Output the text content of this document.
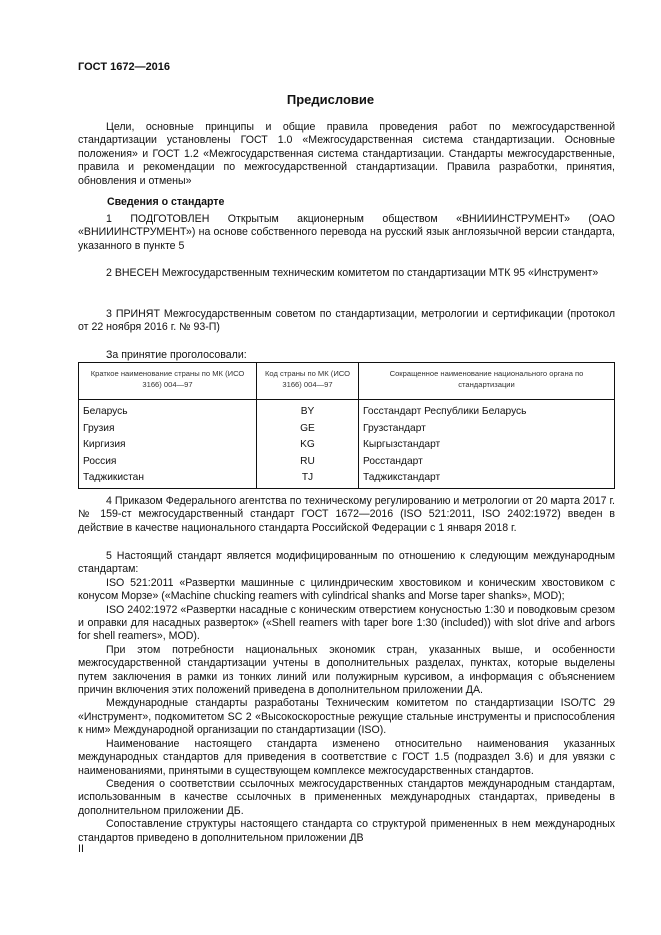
ГОСТ 1672—2016
Предисловие

Цели, основные принципы и общие правила проведения работ по межгосударственной стандартизации установлены ГОСТ 1.0 «Межгосударственная система стандартизации. Основные положения» и ГОСТ 1.2 «Межгосударственная система стандартизации. Стандарты межгосударственные, правила и рекомендации по межгосударственной стандартизации. Правила разработки, принятия, обновления и отмены»

Сведения о стандарте

1 ПОДГОТОВЛЕН Открытым акционерным обществом «ВНИИИНСТРУМЕНТ» (ОАО «ВНИИИНСТРУМЕНТ») на основе собственного перевода на русский язык англоязычной версии стандарта, указанного в пункте 5

2 ВНЕСЕН Межгосударственным техническим комитетом по стандартизации МТК 95 «Инструмент»

3 ПРИНЯТ Межгосударственным советом по стандартизации, метрологии и сертификации (протокол от 22 ноября 2016 г. № 93-П)

За принятие проголосовали:

Краткое наименование страны по МК (ИСО 3166) 004—97	Код страны по МК (ИСО 3166) 004—97	Сокращенное наименование национального органа по стандартизации
Беларусь	BY	Госстандарт Республики Беларусь
Грузия	GE	Грузстандарт
Киргизия	KG	Кыргызстандарт
Россия	RU	Росстандарт
Таджикистан	TJ	Таджикстандарт

4 Приказом Федерального агентства по техническому регулированию и метрологии от 20 марта 2017 г. № 159-ст межгосударственный стандарт ГОСТ 1672—2016 (ISO 521:2011, ISO 2402:1972) введен в действие в качестве национального стандарта Российской Федерации с 1 января 2018 г.

5 Настоящий стандарт является модифицированным по отношению к следующим международным стандартам:

ISO 521:2011 «Развертки машинные с цилиндрическим хвостовиком и коническим хвостовиком с конусом Морзе» («Machine chucking reamers with cylindrical shanks and Morse taper shanks», MOD);

ISO 2402:1972 «Развертки насадные с коническим отверстием конусностью 1:30 и поводковым срезом и оправки для насадных разверток» («Shell reamers with taper bore 1:30 (included)) with slot drive and arbors for shell reamers», MOD).

При этом потребности национальных экономик стран, указанных выше, и особенности межгосударственной стандартизации учтены в дополнительных разделах, пунктах, которые выделены путем заключения в рамки из тонких линий или полужирным курсивом, а информация с объяснением причин включения этих положений приведена в дополнительном приложении ДА.

Международные стандарты разработаны Техническим комитетом по стандартизации ISO/TC 29 «Инструмент», подкомитетом SC 2 «Высокоскоростные режущие стальные инструменты и приспособления к ним» Международной организации по стандартизации (ISO).

Наименование настоящего стандарта изменено относительно наименования указанных международных стандартов для приведения в соответствие с ГОСТ 1.5 (подраздел 3.6) и для увязки с наименованиями, принятыми в существующем комплексе межгосударственных стандартов.

Сведения о соответствии ссылочных межгосударственных стандартов международным стандартам, использованным в качестве ссылочных в примененных международных стандартах, приведены в дополнительном приложении ДБ.

Сопоставление структуры настоящего стандарта со структурой примененных в нем международных стандартов приведено в дополнительном приложении ДВ

II
